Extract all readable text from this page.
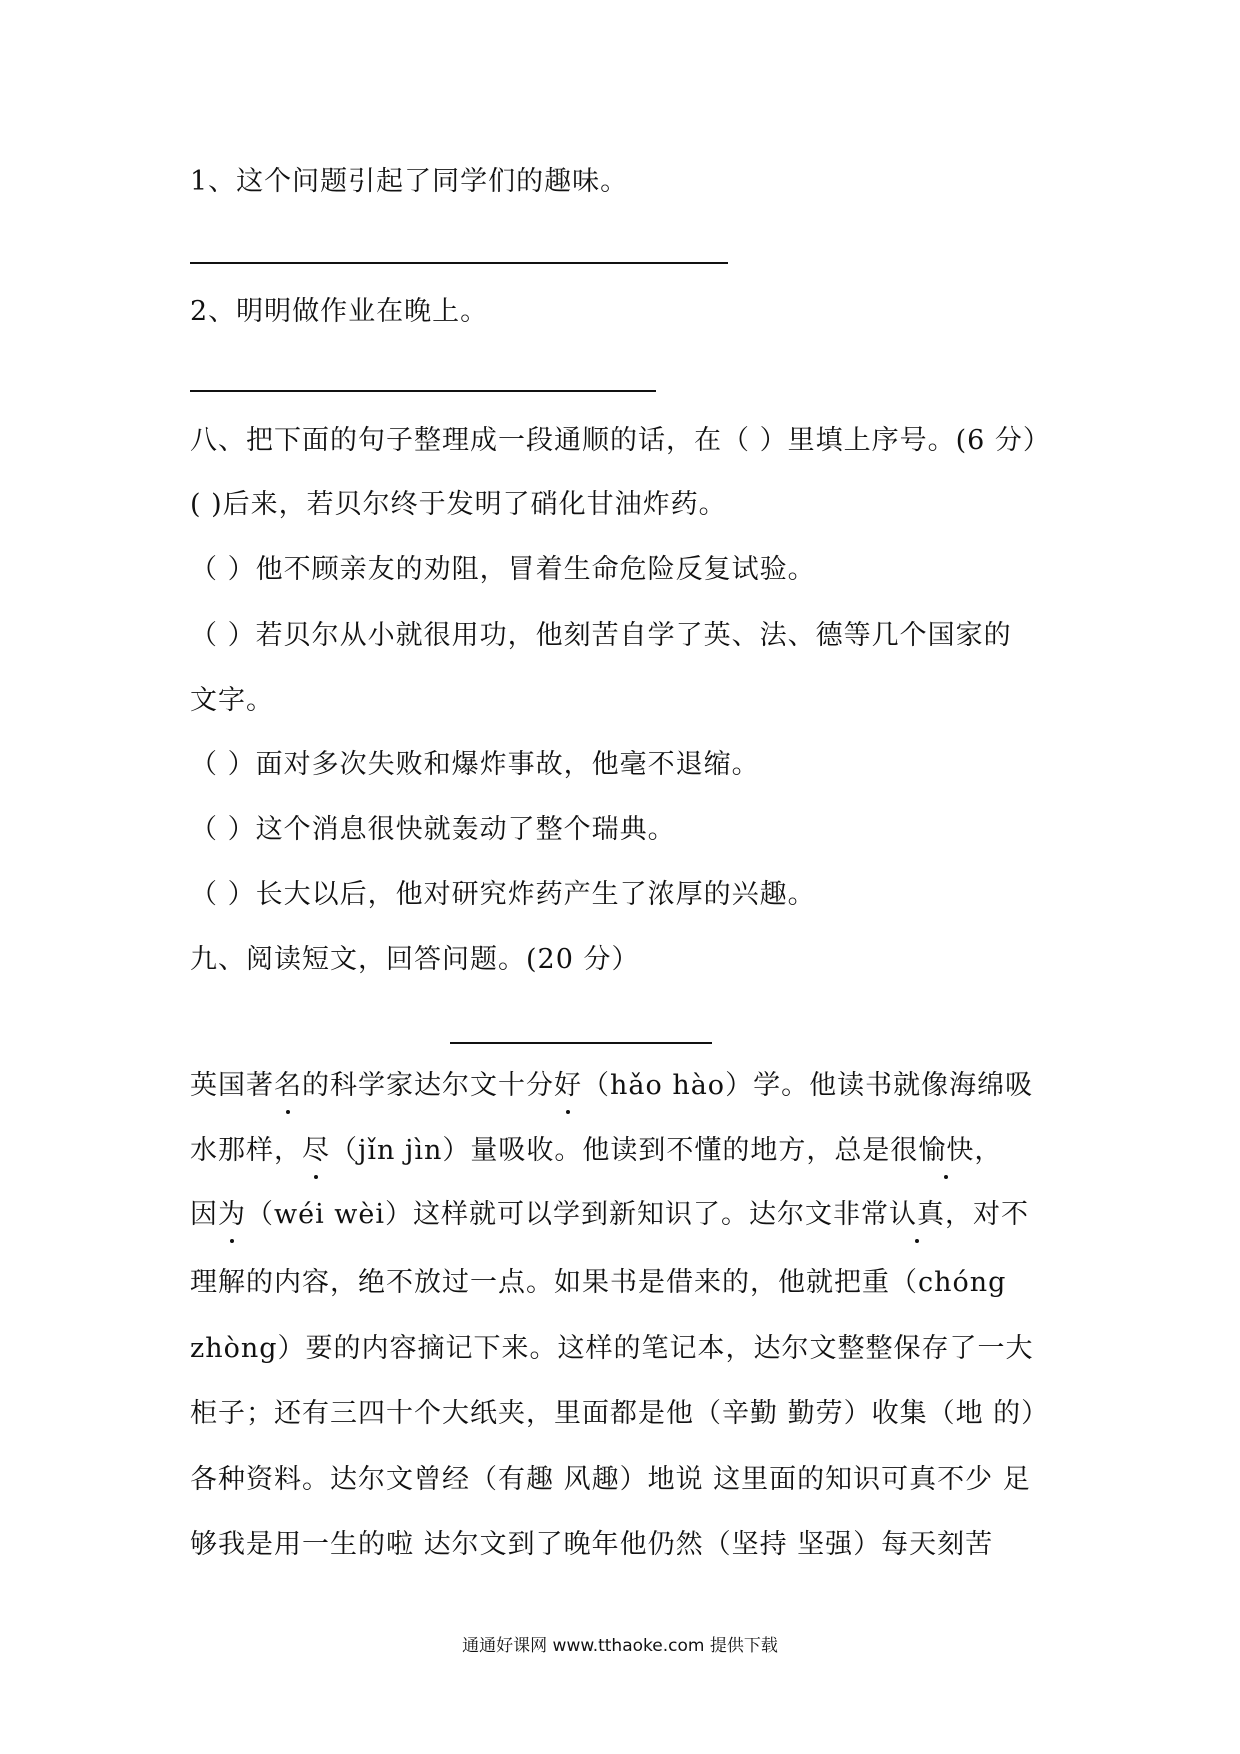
1、这个问题引起了同学们的趣味。
2、明明做作业在晚上。
八、把下面的句子整理成一段通顺的话，在（ ）里填上序号。(6 分）
( )后来，若贝尔终于发明了硝化甘油炸药。
（ ）他不顾亲友的劝阻，冒着生命危险反复试验。
（ ）若贝尔从小就很用功，他刻苦自学了英、法、德等几个国家的
文字。
（ ）面对多次失败和爆炸事故，他毫不退缩。
（ ）这个消息很快就轰动了整个瑞典。
（ ）长大以后，他对研究炸药产生了浓厚的兴趣。
九、阅读短文，回答问题。(20 分）
英国著名的科学家达尔文十分好（hǎo hào）学。他读书就像海绵吸
水那样，尽（jǐn jìn）量吸收。他读到不懂的地方，总是很愉快，
因为（wéi wèi）这样就可以学到新知识了。达尔文非常认真，对不
理解的内容，绝不放过一点。如果书是借来的，他就把重（chóng
zhòng）要的内容摘记下来。这样的笔记本，达尔文整整保存了一大
柜子；还有三四十个大纸夹，里面都是他（辛勤 勤劳）收集（地 的）
各种资料。达尔文曾经（有趣 风趣）地说 这里面的知识可真不少 足
够我是用一生的啦 达尔文到了晚年他仍然（坚持 坚强）每天刻苦
通通好课网 www.tthaoke.com 提供下载
